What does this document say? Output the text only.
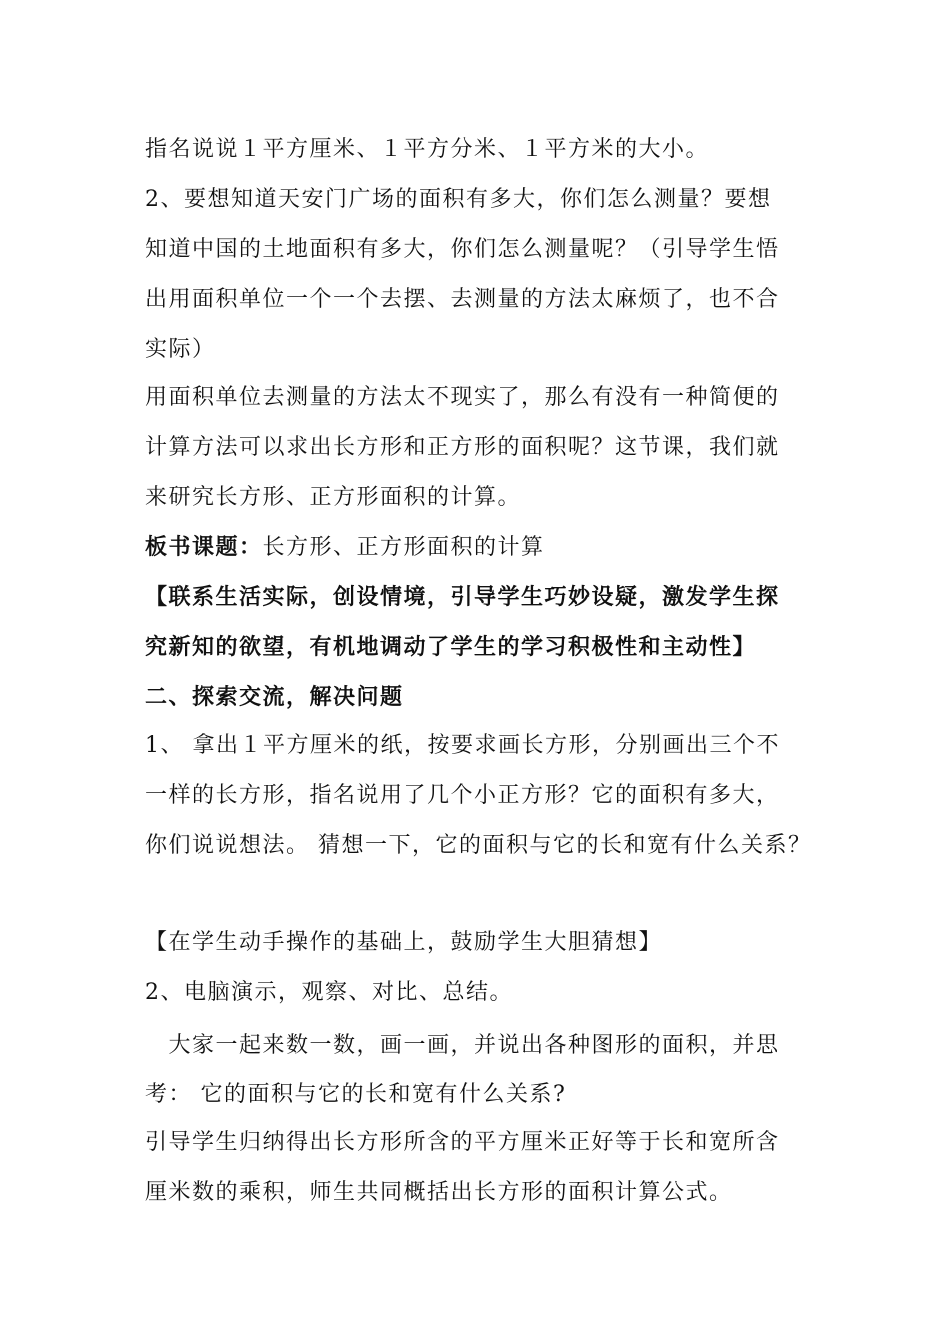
指名说说１平方厘米、１平方分米、１平方米的大小。
2、要想知道天安门广场的面积有多大，你们怎么测量？要想
知道中国的土地面积有多大，你们怎么测量呢？（引导学生悟
出用面积单位一个一个去摆、去测量的方法太麻烦了，也不合
实际）
用面积单位去测量的方法太不现实了，那么有没有一种简便的
计算方法可以求出长方形和正方形的面积呢？这节课，我们就
来研究长方形、正方形面积的计算。
板书课题：长方形、正方形面积的计算
【联系生活实际，创设情境，引导学生巧妙设疑，激发学生探
究新知的欲望，有机地调动了学生的学习积极性和主动性】
二、探索交流，解决问题
1、 拿出１平方厘米的纸，按要求画长方形，分别画出三个不
一样的长方形，指名说用了几个小正方形？它的面积有多大，
你们说说想法。 猜想一下，它的面积与它的长和宽有什么关系？
【在学生动手操作的基础上，鼓励学生大胆猜想】
2、电脑演示，观察、对比、总结。
　大家一起来数一数，画一画，并说出各种图形的面积，并思
考： 它的面积与它的长和宽有什么关系?
引导学生归纳得出长方形所含的平方厘米正好等于长和宽所含
厘米数的乘积，师生共同概括出长方形的面积计算公式。
